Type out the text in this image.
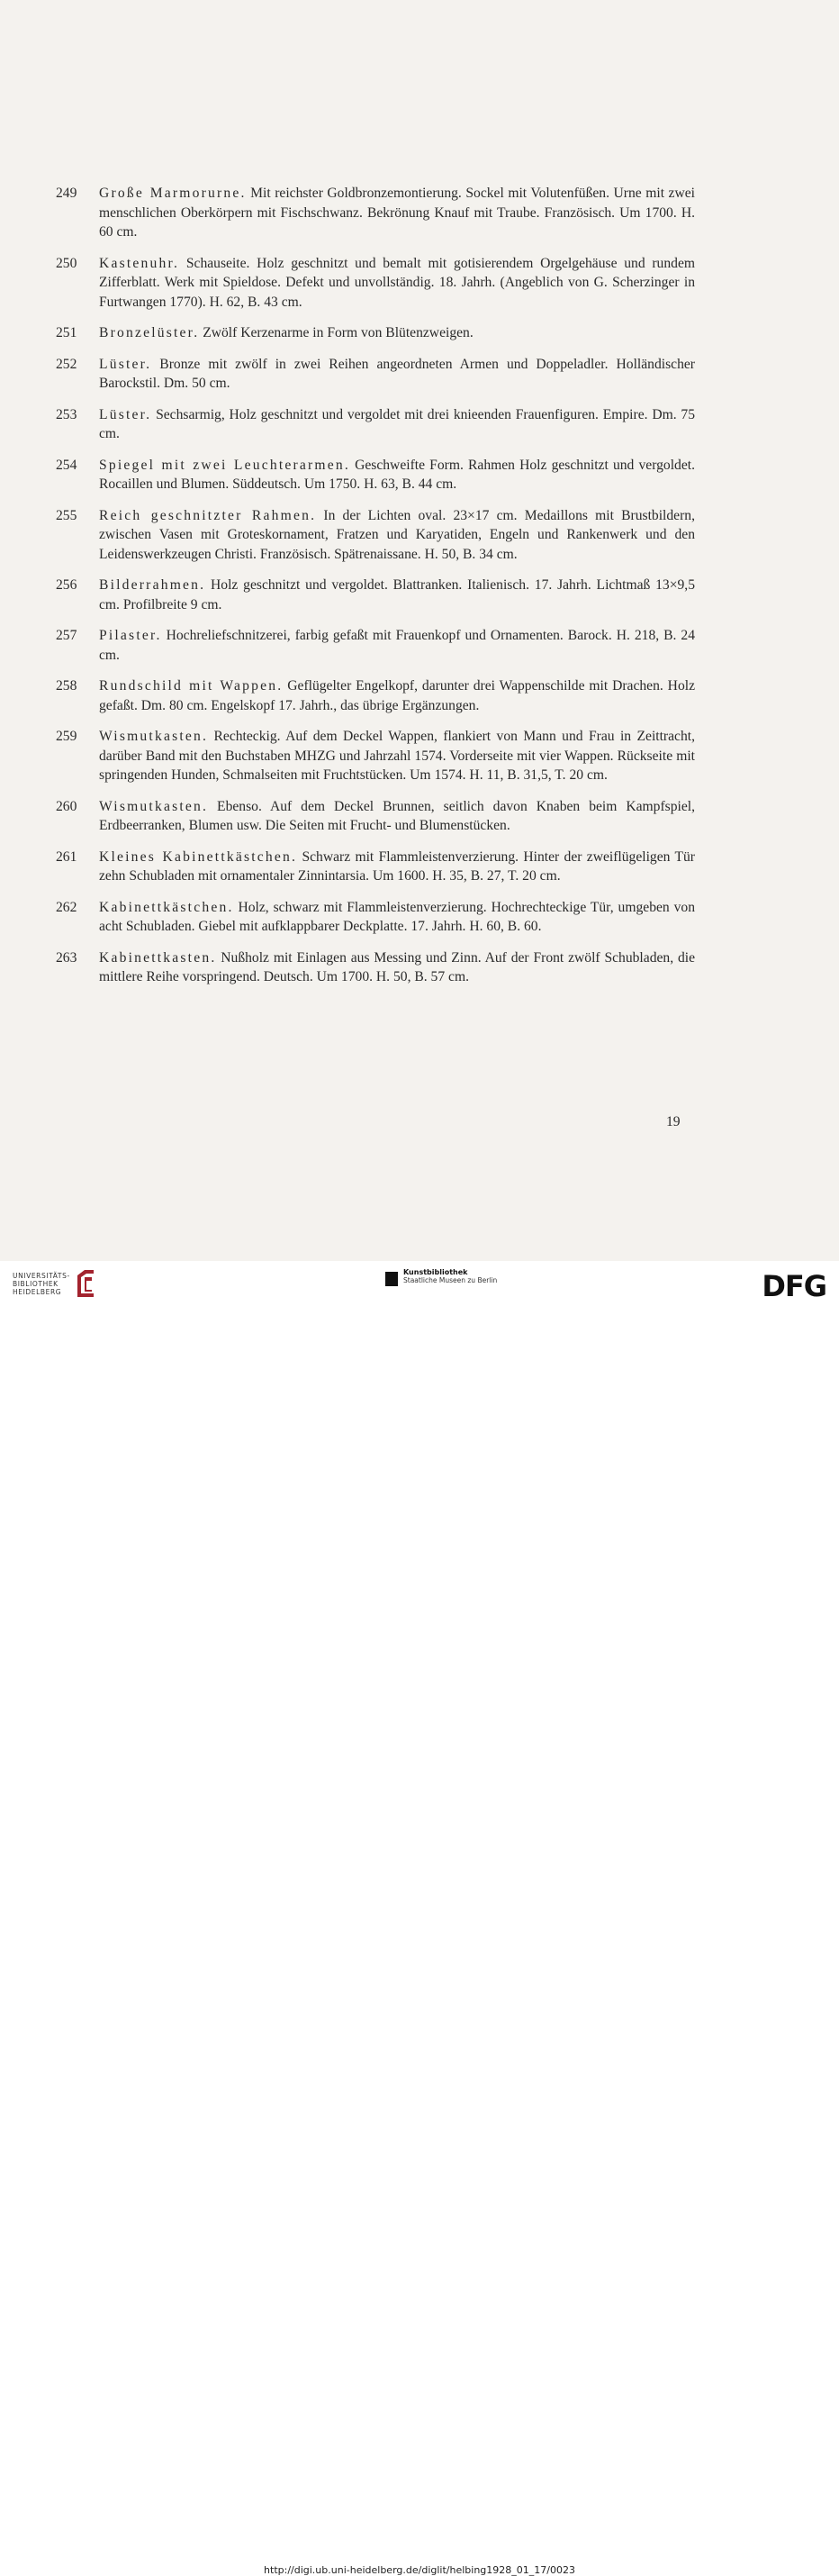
249	Große Marmorurne. Mit reichster Goldbronzemontierung. Sockel mit Volutenfüßen. Urne mit zwei menschlichen Oberkörpern mit Fischschwanz. Bekrönung Knauf mit Traube. Französisch. Um 1700. H. 60 cm.
250	Kastenuhr. Schauseite. Holz geschnitzt und bemalt mit gotisierendem Orgelgehäuse und rundem Zifferblatt. Werk mit Spieldose. Defekt und unvollständig. 18. Jahrh. (Angeblich von G. Scherzinger in Furtwangen 1770). H. 62, B. 43 cm.
251	Bronzelüster. Zwölf Kerzenarme in Form von Blütenzweigen.
252	Lüster. Bronze mit zwölf in zwei Reihen angeordneten Armen und Doppeladler. Holländischer Barockstil. Dm. 50 cm.
253	Lüster. Sechsarmig, Holz geschnitzt und vergoldet mit drei knieenden Frauenfiguren. Empire. Dm. 75 cm.
254	Spiegel mit zwei Leuchterarmen. Geschweifte Form. Rahmen Holz geschnitzt und vergoldet. Rocaillen und Blumen. Süddeutsch. Um 1750. H. 63, B. 44 cm.
255	Reich geschnitzter Rahmen. In der Lichten oval. 23×17 cm. Medaillons mit Brustbildern, zwischen Vasen mit Groteskornament, Fratzen und Karyatiden, Engeln und Rankenwerk und den Leidenswerkzeugen Christi. Französisch. Spätrenaissane. H. 50, B. 34 cm.
256	Bilderrahmen. Holz geschnitzt und vergoldet. Blattranken. Italienisch. 17. Jahrh. Lichtmaß 13×9,5 cm. Profilbreite 9 cm.
257	Pilaster. Hochreliefschnitzerei, farbig gefaßt mit Frauenkopf und Ornamenten. Barock. H. 218, B. 24 cm.
258	Rundschild mit Wappen. Geflügelter Engelkopf, darunter drei Wappenschilde mit Drachen. Holz gefaßt. Dm. 80 cm. Engelskopf 17. Jahrh., das übrige Ergänzungen.
259	Wismutkasten. Rechteckig. Auf dem Deckel Wappen, flankiert von Mann und Frau in Zeittracht, darüber Band mit den Buchstaben MHZG und Jahrzahl 1574. Vorderseite mit vier Wappen. Rückseite mit springenden Hunden, Schmalseiten mit Fruchtstücken. Um 1574. H. 11, B. 31,5, T. 20 cm.
260	Wismutkasten. Ebenso. Auf dem Deckel Brunnen, seitlich davon Knaben beim Kampfspiel, Erdbeerranken, Blumen usw. Die Seiten mit Frucht- und Blumenstücken.
261	Kleines Kabinettkästchen. Schwarz mit Flammleistenverzierung. Hinter der zweiflügeligen Tür zehn Schubladen mit ornamentaler Zinnintarsia. Um 1600. H. 35, B. 27, T. 20 cm.
262	Kabinettkästchen. Holz, schwarz mit Flammleistenverzierung. Hochrechteckige Tür, umgeben von acht Schubladen. Giebel mit aufklappbarer Deckplatte. 17. Jahrh. H. 60, B. 60.
263	Kabinettkasten. Nußholz mit Einlagen aus Messing und Zinn. Auf der Front zwölf Schubladen, die mittlere Reihe vorspringend. Deutsch. Um 1700. H. 50, B. 57 cm.
19
UNIVERSITÄTS-
BIBLIOTHEK
HEIDELBERG
Kunstbibliothek
Staatliche Museen zu Berlin	DFG
http://digi.ub.uni-heidelberg.de/diglit/helbing1928_01_17/0023
